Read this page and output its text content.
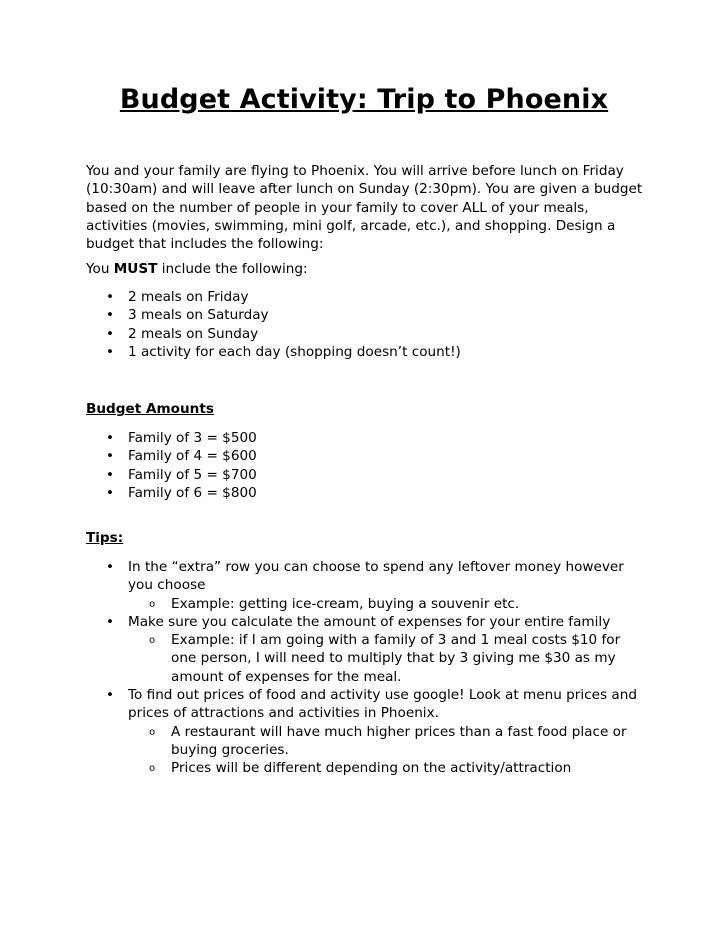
Budget Activity: Trip to Phoenix

You and your family are flying to Phoenix. You will arrive before lunch on Friday (10:30am) and will leave after lunch on Sunday (2:30pm). You are given a budget based on the number of people in your family to cover ALL of your meals, activities (movies, swimming, mini golf, arcade, etc.), and shopping. Design a budget that includes the following:

You MUST include the following:

• 2 meals on Friday
• 3 meals on Saturday
• 2 meals on Sunday
• 1 activity for each day (shopping doesn’t count!)

Budget Amounts

• Family of 3 = $500
• Family of 4 = $600
• Family of 5 = $700
• Family of 6 = $800

Tips:

• In the “extra” row you can choose to spend any leftover money however you choose
o Example: getting ice-cream, buying a souvenir etc.
• Make sure you calculate the amount of expenses for your entire family
o Example: if I am going with a family of 3 and 1 meal costs $10 for one person, I will need to multiply that by 3 giving me $30 as my amount of expenses for the meal.
• To find out prices of food and activity use google! Look at menu prices and prices of attractions and activities in Phoenix.
o A restaurant will have much higher prices than a fast food place or buying groceries.
o Prices will be different depending on the activity/attraction
